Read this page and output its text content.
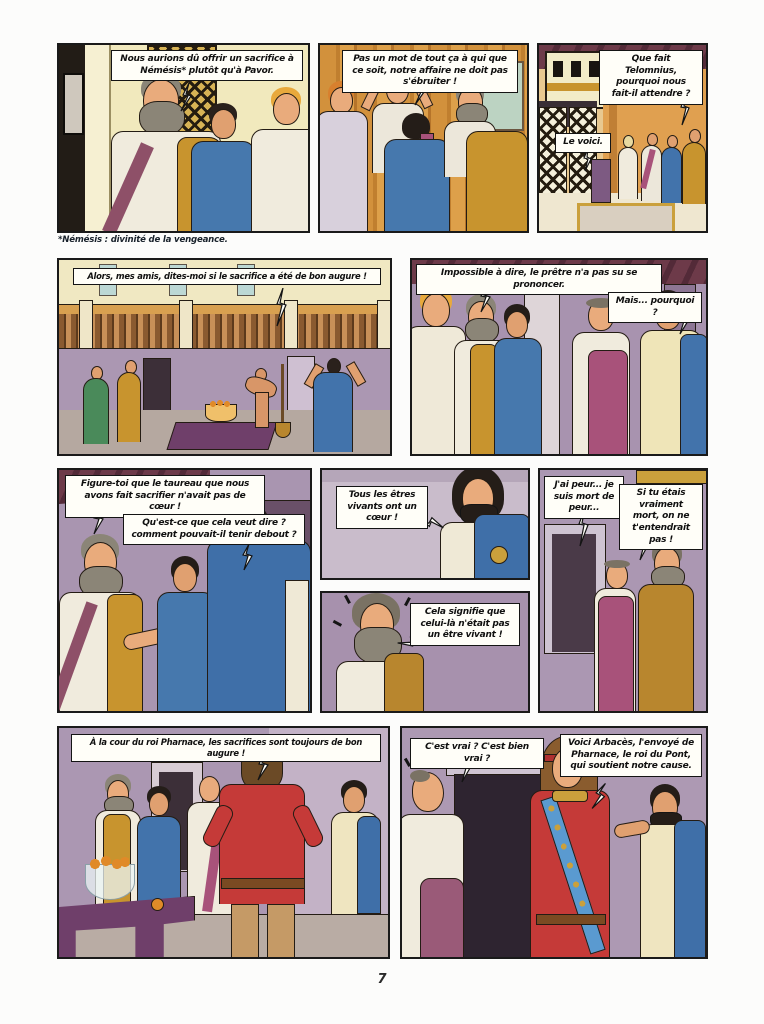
Nous aurions dû offrir un sacrifice à Némésis* plutôt qu'à Pavor.
Pas un mot de tout ça à qui que ce soit, notre affaire ne doit pas s'ébruiter !
Que fait Telomnius, pourquoi nous fait-il attendre ?
Le voici.
*Némésis : divinité de la vengeance.
Alors, mes amis, dites-moi si le sacrifice a été de bon augure !	Impossible à dire, le prêtre n'a pas su se prononcer.
Mais... pourquoi ?
Figure-toi que le taureau que nous avons fait sacrifier n'avait pas de cœur !
Qu'est-ce que cela veut dire ? comment pouvait-il tenir debout ?
Tous les êtres vivants ont un cœur !
Cela signifie que celui-là n'était pas un être vivant !
J'ai peur... je suis mort de peur...
Si tu étais vraiment mort, on ne t'entendrait pas !
À la cour du roi Pharnace, les sacrifices sont toujours de bon augure !
C'est vrai ? C'est bien vrai ?
Voici Arbacès, l'envoyé de Pharnace, le roi du Pont, qui soutient notre cause.
7
